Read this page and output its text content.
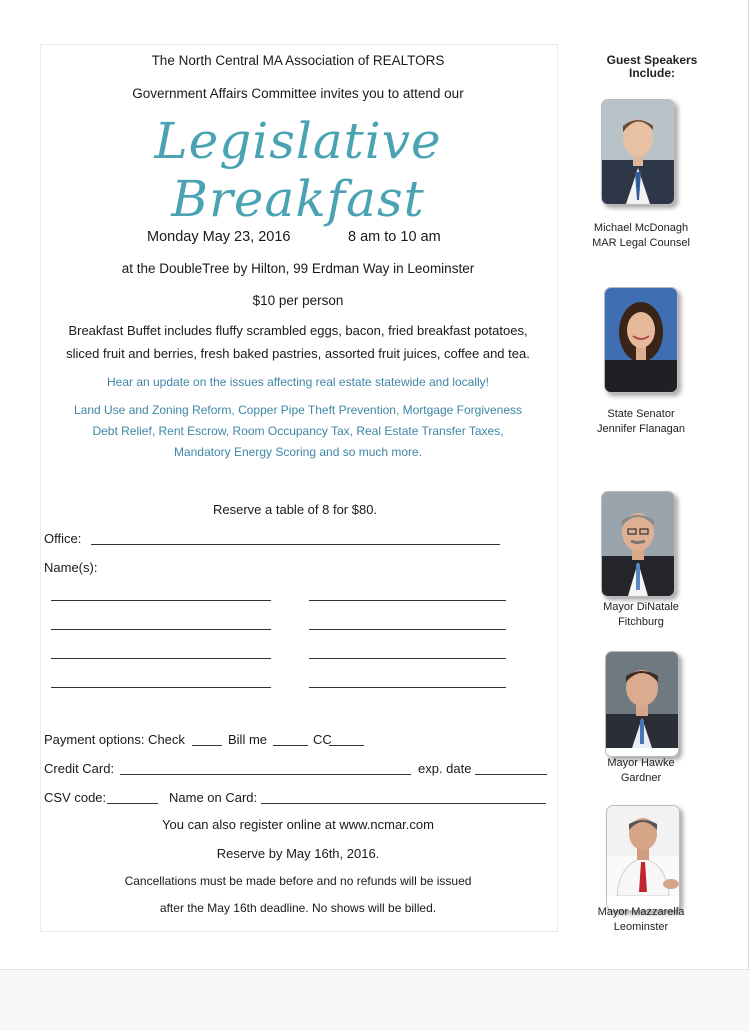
The North Central MA Association of REALTORS
Government Affairs Committee invites you to attend our
Legislative Breakfast
Monday May 23, 2016	8 am to 10 am
at the DoubleTree by Hilton, 99 Erdman Way in Leominster
$10 per person
Breakfast Buffet includes fluffy scrambled eggs, bacon, fried breakfast potatoes,
sliced fruit and berries, fresh baked pastries, assorted fruit juices, coffee and tea.
Hear an update on the issues affecting real estate statewide and locally!
Land Use and Zoning Reform, Copper Pipe Theft Prevention, Mortgage Forgiveness
Debt Relief, Rent Escrow, Room Occupancy Tax, Real Estate Transfer Taxes,
Mandatory Energy Scoring and so much more.
Reserve a table of 8 for $80.
Office:
Name(s):
Payment options: Check	Bill me	CC
Credit Card:	exp. date
CSV code:	Name on Card:
You can also register online at www.ncmar.com
Reserve by May 16th, 2016.
Cancellations must be made before and no refunds will be issued
after the May 16th deadline. No shows will be billed.
Guest Speakers
Include:
Michael McDonagh
MAR Legal Counsel
State Senator
Jennifer Flanagan
Mayor DiNatale
Fitchburg
Mayor Hawke
Gardner
Mayor Mazzarella
Leominster
